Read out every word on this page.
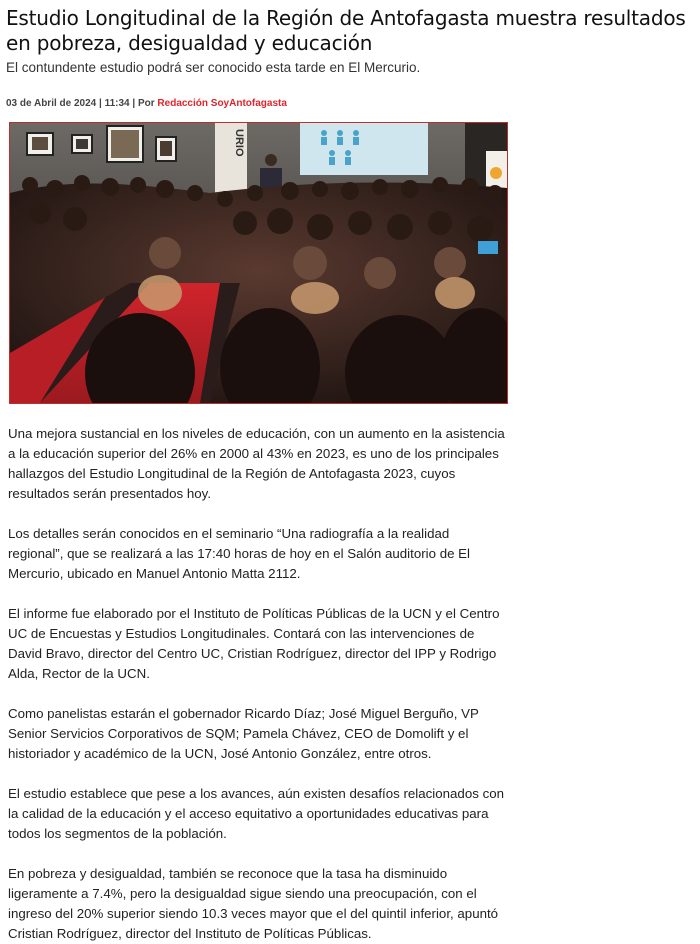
Estudio Longitudinal de la Región de Antofagasta muestra resultados en pobreza, desigualdad y educación
El contundente estudio podrá ser conocido esta tarde en El Mercurio.
03 de Abril de 2024 | 11:34 | Por Redacción SoyAntofagasta
URIO

Una mejora sustancial en los niveles de educación, con un aumento en la asistencia a la educación superior del 26% en 2000 al 43% en 2023, es uno de los principales hallazgos del Estudio Longitudinal de la Región de Antofagasta 2023, cuyos resultados serán presentados hoy.

Los detalles serán conocidos en el seminario “Una radiografía a la realidad regional”, que se realizará a las 17:40 horas de hoy en el Salón auditorio de El Mercurio, ubicado en Manuel Antonio Matta 2112.

El informe fue elaborado por el Instituto de Políticas Públicas de la UCN y el Centro UC de Encuestas y Estudios Longitudinales. Contará con las intervenciones de David Bravo, director del Centro UC, Cristian Rodríguez, director del IPP y Rodrigo Alda, Rector de la UCN.

Como panelistas estarán el gobernador Ricardo Díaz; José Miguel Berguño, VP Senior Servicios Corporativos de SQM; Pamela Chávez, CEO de Domolift y el historiador y académico de la UCN, José Antonio González, entre otros.

El estudio establece que pese a los avances, aún existen desafíos relacionados con la calidad de la educación y el acceso equitativo a oportunidades educativas para todos los segmentos de la población.

En pobreza y desigualdad, también se reconoce que la tasa ha disminuido ligeramente a 7.4%, pero la desigualdad sigue siendo una preocupación, con el ingreso del 20% superior siendo 10.3 veces mayor que el del quintil inferior, apuntó Cristian Rodríguez, director del Instituto de Políticas Públicas.
